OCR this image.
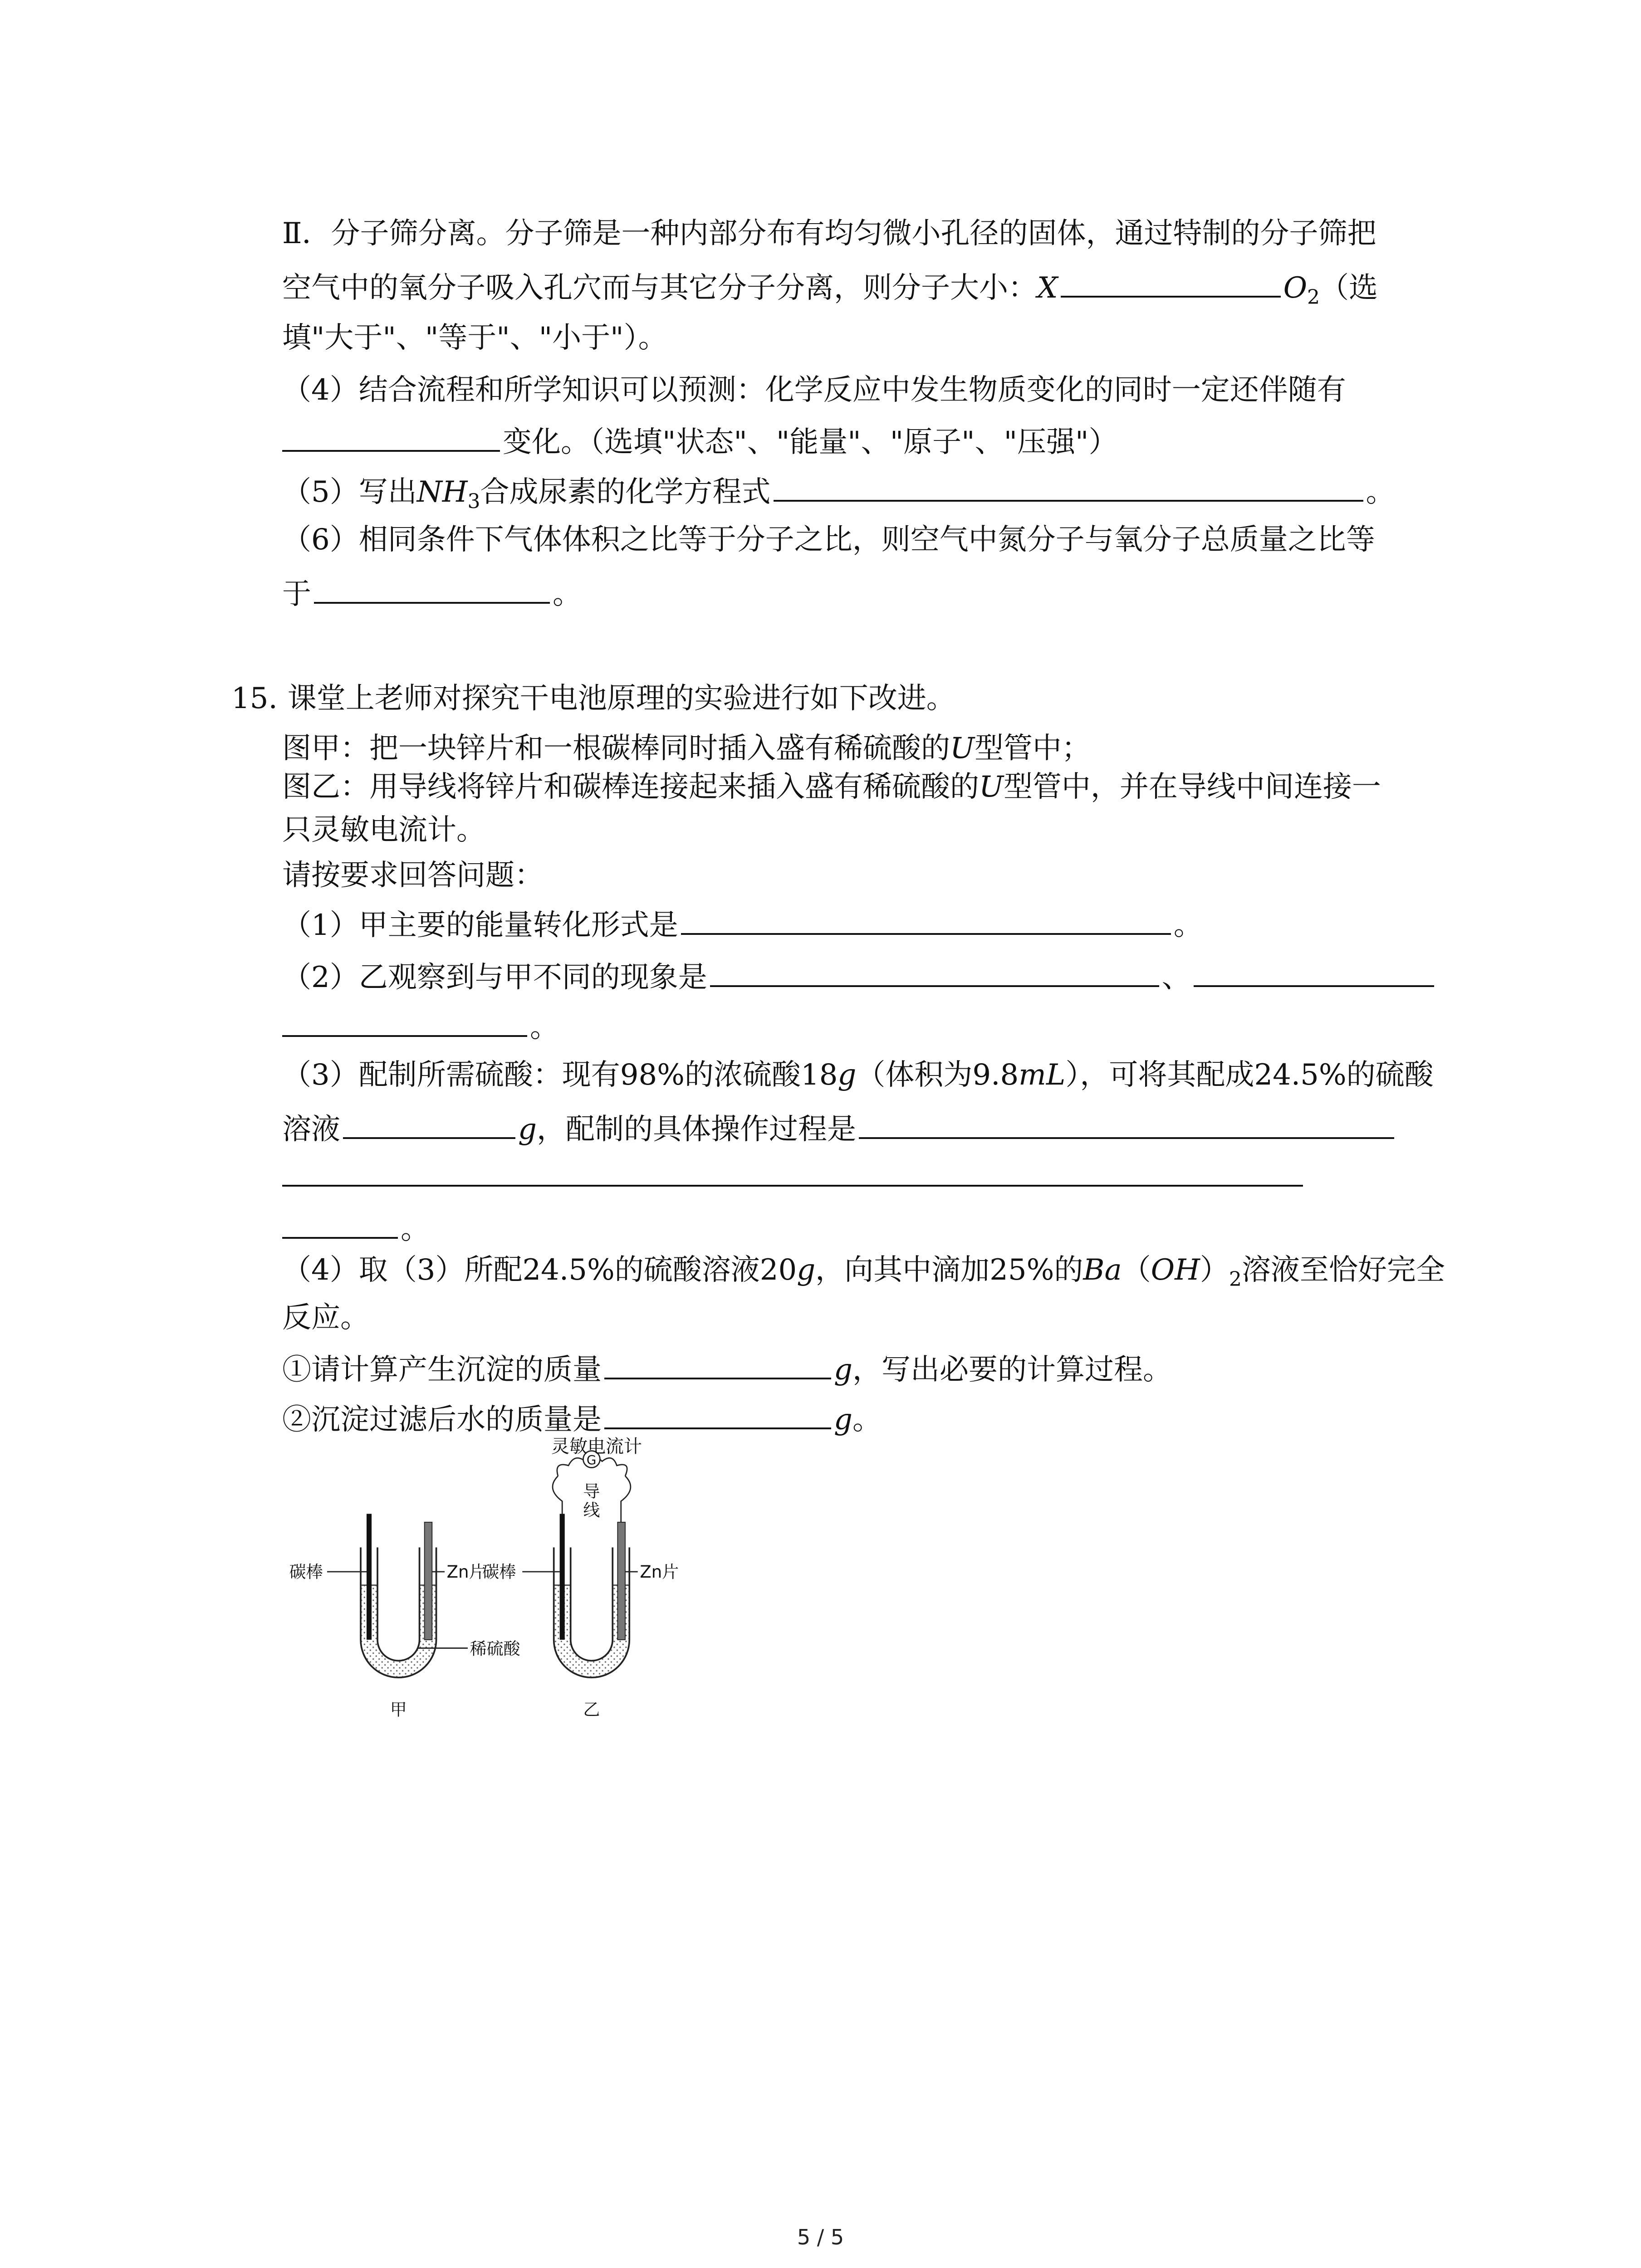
Ⅱ．分子筛分离。分子筛是一种内部分布有均匀微小孔径的固体，通过特制的分子筛把
空气中的氧分子吸入孔穴而与其它分子分离，则分子大小：X	$O_2$（选
填"大于"、"等于"、"小于"）。
（4）结合流程和所学知识可以预测：化学反应中发生物质变化的同时一定还伴随有
变化。（选填"状态"、"能量"、"原子"、"压强"）
（5）写出$NH_3$合成尿素的化学方程式	。
（6）相同条件下气体体积之比等于分子之比，则空气中氮分子与氧分子总质量之比等
于	。
15. 课堂上老师对探究干电池原理的实验进行如下改进。
图甲：把一块锌片和一根碳棒同时插入盛有稀硫酸的U型管中；
图乙：用导线将锌片和碳棒连接起来插入盛有稀硫酸的U型管中，并在导线中间连接一
只灵敏电流计。
请按要求回答问题：
（1）甲主要的能量转化形式是	。
（2）乙观察到与甲不同的现象是	、
。
（3）配制所需硫酸：现有98%的浓硫酸18g（体积为9.8mL），可将其配成24.5%的硫酸
溶液	g，配制的具体操作过程是
。
（4）取（3）所配24.5%的硫酸溶液20g，向其中滴加25%的$Ba(OH)_2$溶液至恰好完全
反应。
①请计算产生沉淀的质量	g，写出必要的计算过程。
②沉淀过滤后水的质量是	g。
碳棒	Zn片
甲
稀硫酸
G
导
线
碳棒	Zn片
乙
灵敏电流计
5 / 5
